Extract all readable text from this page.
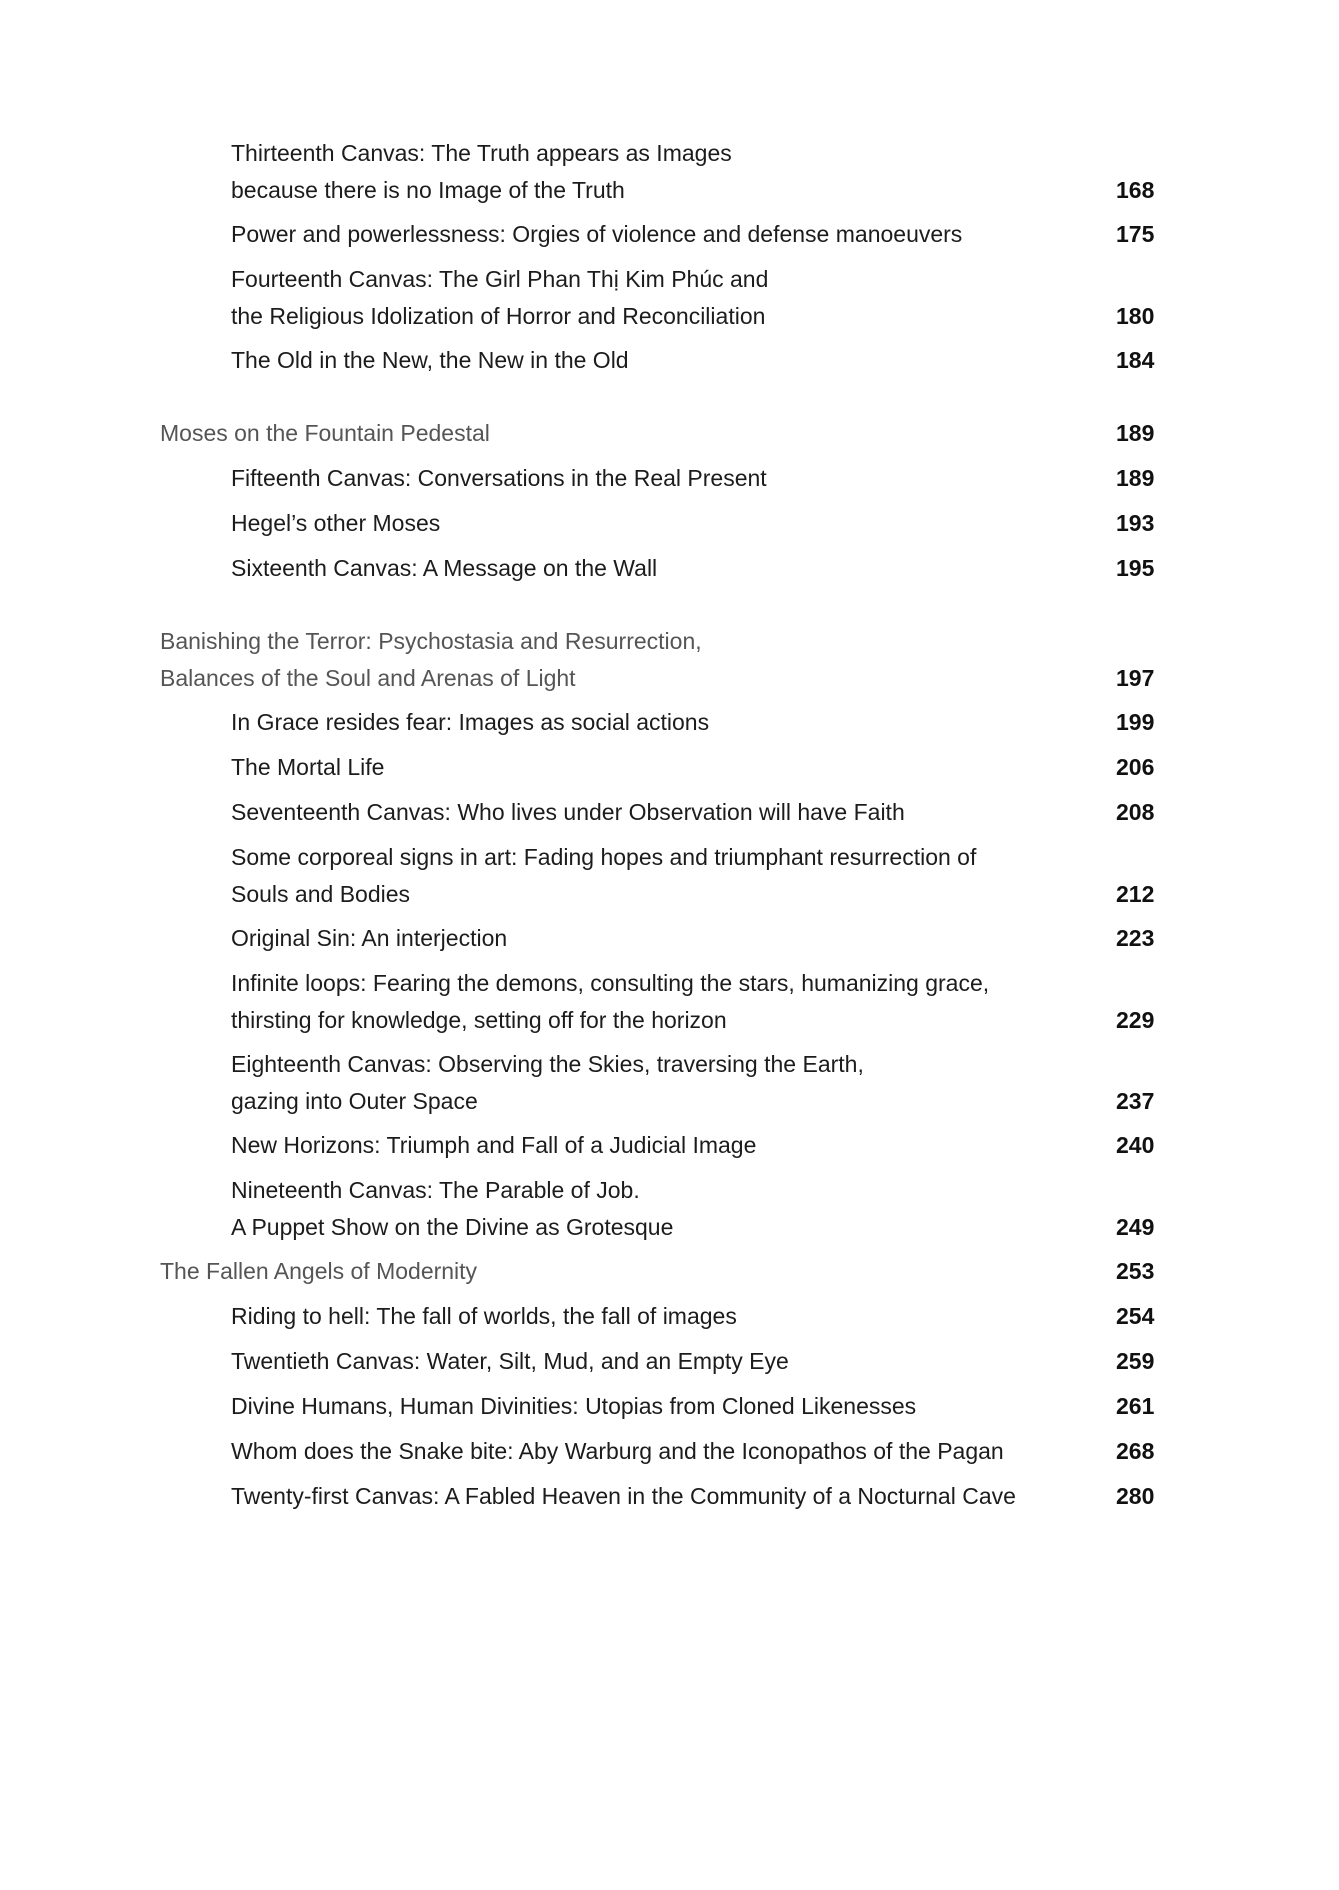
Thirteenth Canvas: The Truth appears as Images
because there is no Image of the Truth	168
Power and powerlessness: Orgies of violence and defense manoeuvers	175
Fourteenth Canvas: The Girl Phan Thị Kim Phúc and
the Religious Idolization of Horror and Reconciliation	180
The Old in the New, the New in the Old	184
Moses on the Fountain Pedestal	189
Fifteenth Canvas: Conversations in the Real Present	189
Hegel’s other Moses	193
Sixteenth Canvas: A Message on the Wall	195
Banishing the Terror: Psychostasia and Resurrection,
Balances of the Soul and Arenas of Light	197
In Grace resides fear: Images as social actions	199
The Mortal Life	206
Seventeenth Canvas: Who lives under Observation will have Faith	208
Some corporeal signs in art: Fading hopes and triumphant resurrection of
Souls and Bodies	212
Original Sin: An interjection	223
Infinite loops: Fearing the demons, consulting the stars, humanizing grace,
thirsting for knowledge, setting off for the horizon	229
Eighteenth Canvas: Observing the Skies, traversing the Earth,
gazing into Outer Space	237
New Horizons: Triumph and Fall of a Judicial Image	240
Nineteenth Canvas: The Parable of Job.
A Puppet Show on the Divine as Grotesque	249
The Fallen Angels of Modernity	253
Riding to hell: The fall of worlds, the fall of images	254
Twentieth Canvas: Water, Silt, Mud, and an Empty Eye	259
Divine Humans, Human Divinities: Utopias from Cloned Likenesses	261
Whom does the Snake bite: Aby Warburg and the Iconopathos of the Pagan	268
Twenty-first Canvas: A Fabled Heaven in the Community of a Nocturnal Cave	280
